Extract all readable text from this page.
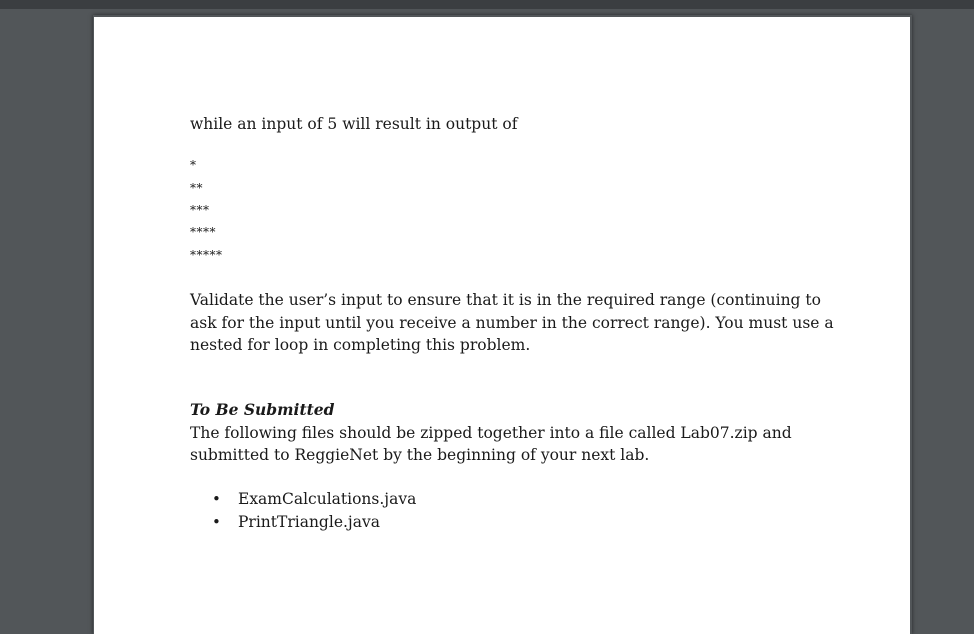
while an input of 5 will result in output of
*
**
***
****
*****
Validate the user’s input to ensure that it is in the required range (continuing to
ask for the input until you receive a number in the correct range). You must use a
nested for loop in completing this problem.
To Be Submitted
The following files should be zipped together into a file called Lab07.zip and
submitted to ReggieNet by the beginning of your next lab.
• ExamCalculations.java
• PrintTriangle.java
